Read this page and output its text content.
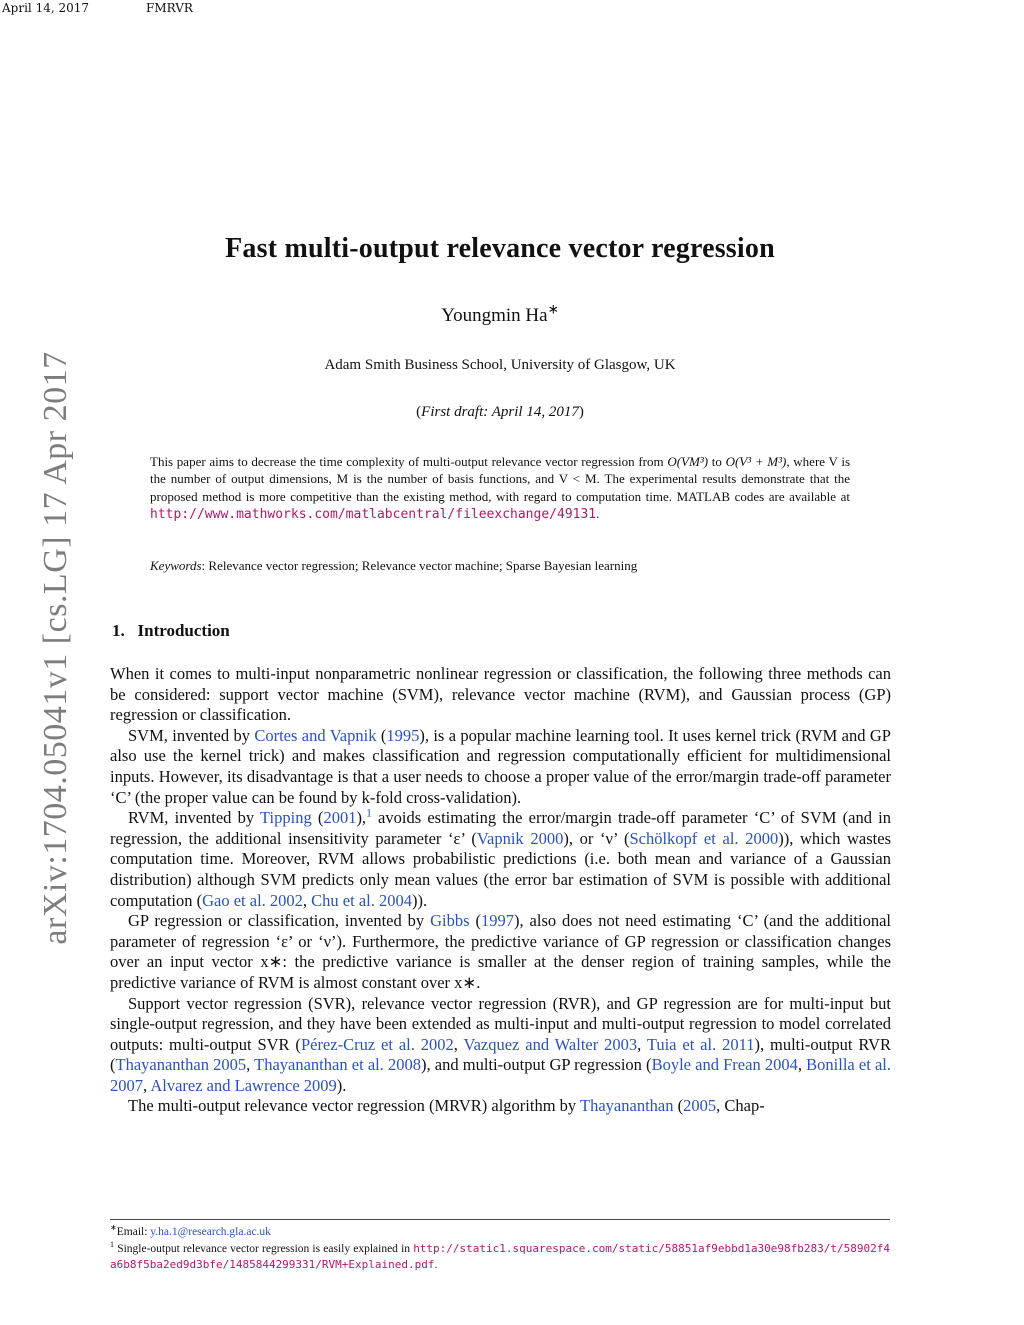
April 14, 2017	FMRVR
arXiv:1704.05041v1 [cs.LG] 17 Apr 2017
Fast multi-output relevance vector regression
Youngmin Ha∗
Adam Smith Business School, University of Glasgow, UK
(First draft: April 14, 2017)
This paper aims to decrease the time complexity of multi-output relevance vector regression from O(VM³) to O(V³ + M³), where V is the number of output dimensions, M is the number of basis functions, and V < M. The experimental results demonstrate that the proposed method is more competitive than the existing method, with regard to computation time. MATLAB codes are available at http://www.mathworks.com/matlabcentral/fileexchange/49131.
Keywords: Relevance vector regression; Relevance vector machine; Sparse Bayesian learning
1. Introduction

When it comes to multi-input nonparametric nonlinear regression or classification, the following three methods can be considered: support vector machine (SVM), relevance vector machine (RVM), and Gaussian process (GP) regression or classification.

SVM, invented by Cortes and Vapnik (1995), is a popular machine learning tool. It uses kernel trick (RVM and GP also use the kernel trick) and makes classification and regression computationally efficient for multidimensional inputs. However, its disadvantage is that a user needs to choose a proper value of the error/margin trade-off parameter ‘C’ (the proper value can be found by k-fold cross-validation).

RVM, invented by Tipping (2001),$^1$ avoids estimating the error/margin trade-off parameter ‘C’ of SVM (and in regression, the additional insensitivity parameter ‘ε’ (Vapnik 2000), or ‘ν’ (Schölkopf et al. 2000)), which wastes computation time. Moreover, RVM allows probabilistic predictions (i.e. both mean and variance of a Gaussian distribution) although SVM predicts only mean values (the error bar estimation of SVM is possible with additional computation (Gao et al. 2002, Chu et al. 2004)).

GP regression or classification, invented by Gibbs (1997), also does not need estimating ‘C’ (and the additional parameter of regression ‘ε’ or ‘ν’). Furthermore, the predictive variance of GP regression or classification changes over an input vector x∗: the predictive variance is smaller at the denser region of training samples, while the predictive variance of RVM is almost constant over x∗.

Support vector regression (SVR), relevance vector regression (RVR), and GP regression are for multi-input but single-output regression, and they have been extended as multi-input and multi-output regression to model correlated outputs: multi-output SVR (Pérez-Cruz et al. 2002, Vazquez and Walter 2003, Tuia et al. 2011), multi-output RVR (Thayananthan 2005, Thayananthan et al. 2008), and multi-output GP regression (Boyle and Frean 2004, Bonilla et al. 2007, Alvarez and Lawrence 2009).

The multi-output relevance vector regression (MRVR) algorithm by Thayananthan (2005, Chap-

∗Email: y.ha.1@research.gla.ac.uk
$^1$ Single-output relevance vector regression is easily explained in http://static1.squarespace.com/static/58851af9ebbd1a30e98fb283/t/58902f4a6b8f5ba2ed9d3bfe/1485844299331/RVM+Explained.pdf.
